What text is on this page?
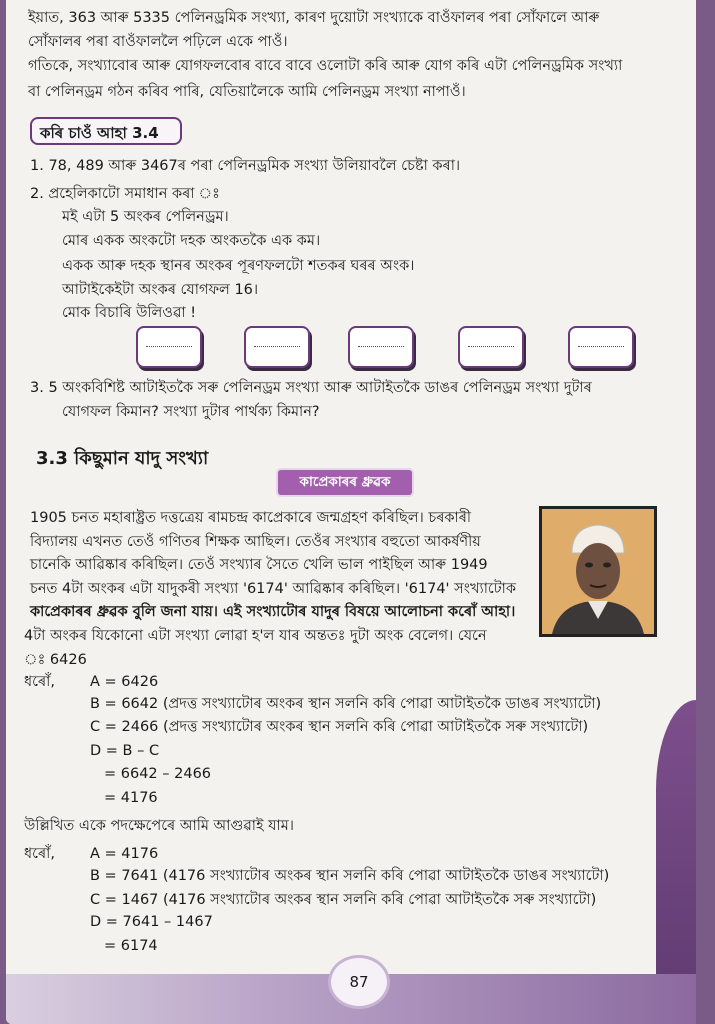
ইয়াত, 363 আৰু 5335 পেলিনড্ৰমিক সংখ্যা, কাৰণ দুয়োটা সংখ্যাকে বাওঁফালৰ পৰা সোঁফালে আৰু
সোঁফালৰ পৰা বাওঁফাললৈ পঢ়িলে একে পাওঁ।
গতিকে, সংখ্যাবোৰ আৰু যোগফলবোৰ বাবে বাবে ওলোটা কৰি আৰু যোগ কৰি এটা পেলিনড্ৰমিক সংখ্যা
বা পেলিনড্ৰম গঠন কৰিব পাৰি, যেতিয়ালৈকে আমি পেলিনড্ৰম সংখ্যা নাপাওঁ।
কৰি চাওঁ আহা 3.4
1. 78, 489 আৰু 3467ৰ পৰা পেলিনড্ৰমিক সংখ্যা উলিয়াবলৈ চেষ্টা কৰা।
2. প্ৰহেলিকাটো সমাধান কৰা ঃ
মই এটা 5 অংকৰ পেলিনড্ৰম।
মোৰ একক অংকটো দহক অংকতকৈ এক কম।
একক আৰু দহক স্থানৰ অংকৰ পূৰণফলটো শতকৰ ঘৰৰ অংক।
আটাইকেইটা অংকৰ যোগফল 16।
মোক বিচাৰি উলিওৱা !
3. 5 অংকবিশিষ্ট আটাইতকৈ সৰু পেলিনড্ৰম সংখ্যা আৰু আটাইতকৈ ডাঙৰ পেলিনড্ৰম সংখ্যা দুটাৰ
যোগফল কিমান? সংখ্যা দুটাৰ পাৰ্থক্য কিমান?
3.3 কিছুমান যাদু সংখ্যা
কাপ্ৰেকাৰৰ ধ্ৰুৱক
1905 চনত মহাৰাষ্ট্ৰত দত্তত্ৰেয় ৰামচন্দ্ৰ কাপ্ৰেকাৰে জন্মগ্ৰহণ কৰিছিল। চৰকাৰী
বিদ্যালয় এখনত তেওঁ গণিতৰ শিক্ষক আছিল। তেওঁৰ সংখ্যাৰ বহুতো আকৰ্ষণীয়
চানেকি আৱিষ্কাৰ কৰিছিল। তেওঁ সংখ্যাৰ সৈতে খেলি ভাল পাইছিল আৰু 1949
চনত 4টা অংকৰ এটা যাদুকৰী সংখ্যা '6174' আৱিষ্কাৰ কৰিছিল। '6174' সংখ্যাটোক
কাপ্ৰেকাৰৰ ধ্ৰুৱক বুলি জনা যায়। এই সংখ্যাটোৰ যাদুৰ বিষয়ে আলোচনা কৰোঁ আহা।
4টা অংকৰ যিকোনো এটা সংখ্যা লোৱা হ'ল যাৰ অন্ততঃ দুটা অংক বেলেগ। যেনে
ঃ 6426
ধৰোঁ, A = 6426
B = 6642 (প্ৰদত্ত সংখ্যাটোৰ অংকৰ স্থান সলনি কৰি পোৱা আটাইতকৈ ডাঙৰ সংখ্যাটো)
C = 2466 (প্ৰদত্ত সংখ্যাটোৰ অংকৰ স্থান সলনি কৰি পোৱা আটাইতকৈ সৰু সংখ্যাটো)
D = B – C
= 6642 – 2466
= 4176
উল্লিখিত একে পদক্ষেপেৰে আমি আগুৱাই যাম।
ধৰোঁ, A = 4176
B = 7641 (4176 সংখ্যাটোৰ অংকৰ স্থান সলনি কৰি পোৱা আটাইতকৈ ডাঙৰ সংখ্যাটো)
C = 1467 (4176 সংখ্যাটোৰ অংকৰ স্থান সলনি কৰি পোৱা আটাইতকৈ সৰু সংখ্যাটো)
D = 7641 – 1467
= 6174
87
